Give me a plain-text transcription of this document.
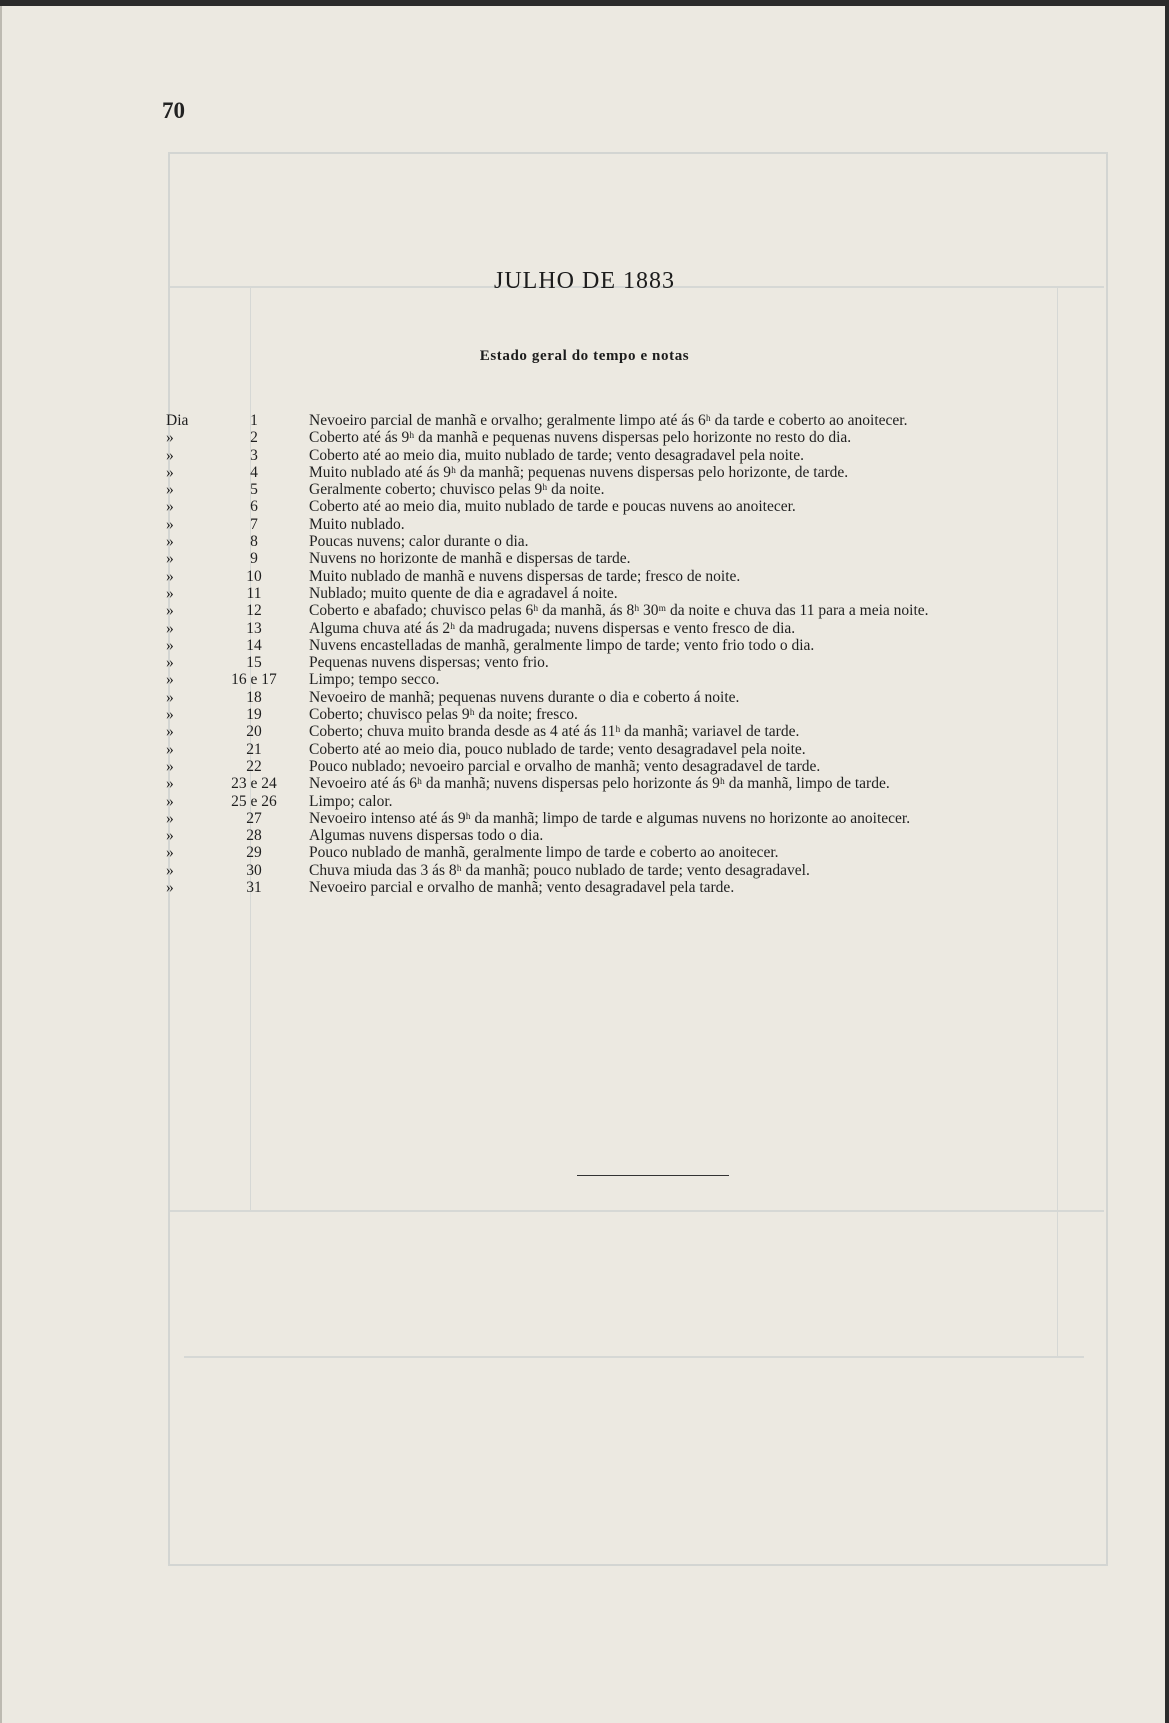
70
JULHO DE 1883
Estado geral do tempo e notas
Dia	1	Nevoeiro parcial de manhã e orvalho; geralmente limpo até ás 6ʰ da tarde e coberto ao anoitecer.
»	2	Coberto até ás 9ʰ da manhã e pequenas nuvens dispersas pelo horizonte no resto do dia.
»	3	Coberto até ao meio dia, muito nublado de tarde; vento desagradavel pela noite.
»	4	Muito nublado até ás 9ʰ da manhã; pequenas nuvens dispersas pelo horizonte, de tarde.
»	5	Geralmente coberto; chuvisco pelas 9ʰ da noite.
»	6	Coberto até ao meio dia, muito nublado de tarde e poucas nuvens ao anoitecer.
»	7	Muito nublado.
»	8	Poucas nuvens; calor durante o dia.
»	9	Nuvens no horizonte de manhã e dispersas de tarde.
»	10	Muito nublado de manhã e nuvens dispersas de tarde; fresco de noite.
»	11	Nublado; muito quente de dia e agradavel á noite.
»	12	Coberto e abafado; chuvisco pelas 6ʰ da manhã, ás 8ʰ 30ᵐ da noite e chuva das 11 para a meia noite.
»	13	Alguma chuva até ás 2ʰ da madrugada; nuvens dispersas e vento fresco de dia.
»	14	Nuvens encastelladas de manhã, geralmente limpo de tarde; vento frio todo o dia.
»	15	Pequenas nuvens dispersas; vento frio.
»	16 e 17	Limpo; tempo secco.
»	18	Nevoeiro de manhã; pequenas nuvens durante o dia e coberto á noite.
»	19	Coberto; chuvisco pelas 9ʰ da noite; fresco.
»	20	Coberto; chuva muito branda desde as 4 até ás 11ʰ da manhã; variavel de tarde.
»	21	Coberto até ao meio dia, pouco nublado de tarde; vento desagradavel pela noite.
»	22	Pouco nublado; nevoeiro parcial e orvalho de manhã; vento desagradavel de tarde.
»	23 e 24	Nevoeiro até ás 6ʰ da manhã; nuvens dispersas pelo horizonte ás 9ʰ da manhã, limpo de tarde.
»	25 e 26	Limpo; calor.
»	27	Nevoeiro intenso até ás 9ʰ da manhã; limpo de tarde e algumas nuvens no horizonte ao anoitecer.
»	28	Algumas nuvens dispersas todo o dia.
»	29	Pouco nublado de manhã, geralmente limpo de tarde e coberto ao anoitecer.
»	30	Chuva miuda das 3 ás 8ʰ da manhã; pouco nublado de tarde; vento desagradavel.
»	31	Nevoeiro parcial e orvalho de manhã; vento desagradavel pela tarde.
